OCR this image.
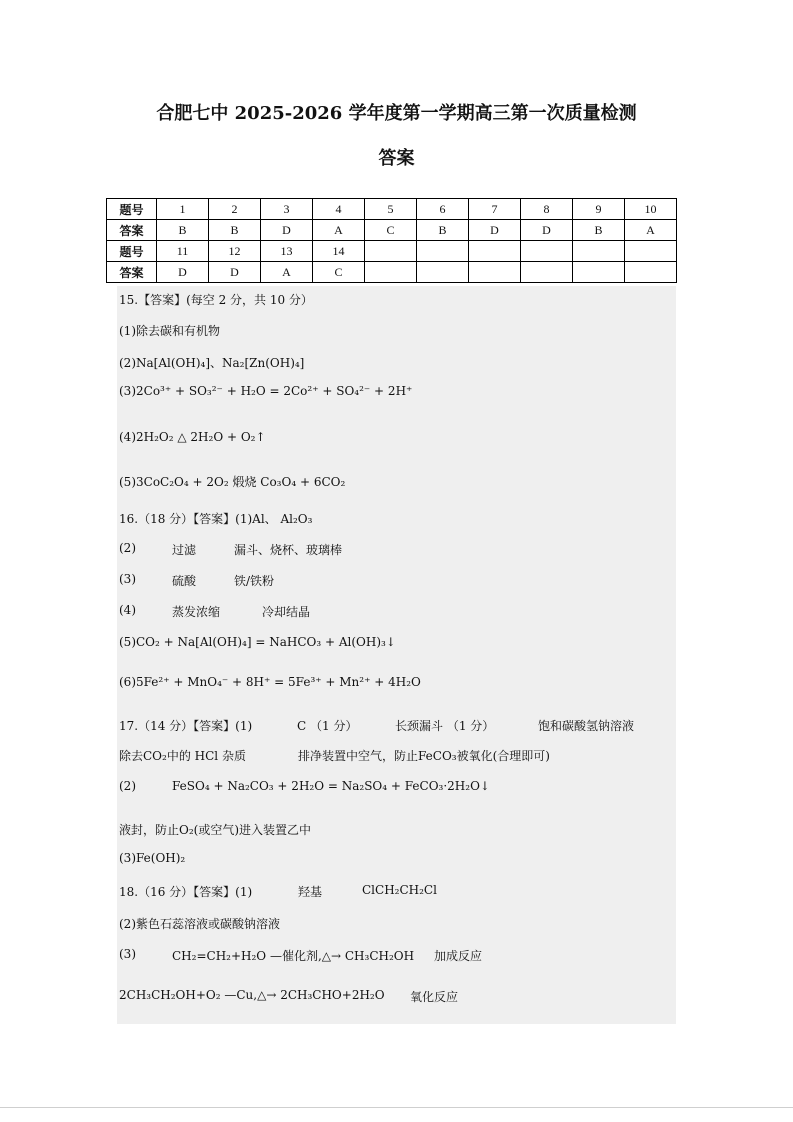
合肥七中 2025-2026 学年度第一学期高三第一次质量检测
答案
题号	1	2	3	4	5	6	7	8	9	10
答案	B	B	D	A	C	B	D	D	B	A
题号	11	12	13	14						
答案	D	D	A	C						
15.【答案】(每空 2 分，共 10 分）
(1)除去碳和有机物
(2)Na[Al(OH)₄]、Na₂[Zn(OH)₄]
(3)2Co³⁺ + SO₃²⁻ + H₂O = 2Co²⁺ + SO₄²⁻ + 2H⁺
(4)2H₂O₂ △ 2H₂O + O₂↑
(5)3CoC₂O₄ + 2O₂ 煅烧 Co₃O₄ + 6CO₂
16.（18 分）【答案】(1)Al、 Al₂O₃
(2)	过滤	漏斗、烧杯、玻璃棒
(3)	硫酸	铁/铁粉
(4)	蒸发浓缩	冷却结晶
(5)CO₂ + Na[Al(OH)₄] = NaHCO₃ + Al(OH)₃↓
(6)5Fe²⁺ + MnO₄⁻ + 8H⁺ = 5Fe³⁺ + Mn²⁺ + 4H₂O
17.（14 分）【答案】(1)	C （1 分）	长颈漏斗 （1 分）	饱和碳酸氢钠溶液
除去CO₂中的 HCl 杂质	排净装置中空气，防止FeCO₃被氧化(合理即可)
(2)	FeSO₄ + Na₂CO₃ + 2H₂O = Na₂SO₄ + FeCO₃·2H₂O↓
液封，防止O₂(或空气)进入装置乙中
(3)Fe(OH)₂
18.（16 分）【答案】(1)	羟基	ClCH₂CH₂Cl
(2)紫色石蕊溶液或碳酸钠溶液
(3)	CH₂=CH₂+H₂O —催化剂,△→ CH₃CH₂OH 加成反应
2CH₃CH₂OH+O₂ —Cu,△→ 2CH₃CHO+2H₂O 氧化反应
